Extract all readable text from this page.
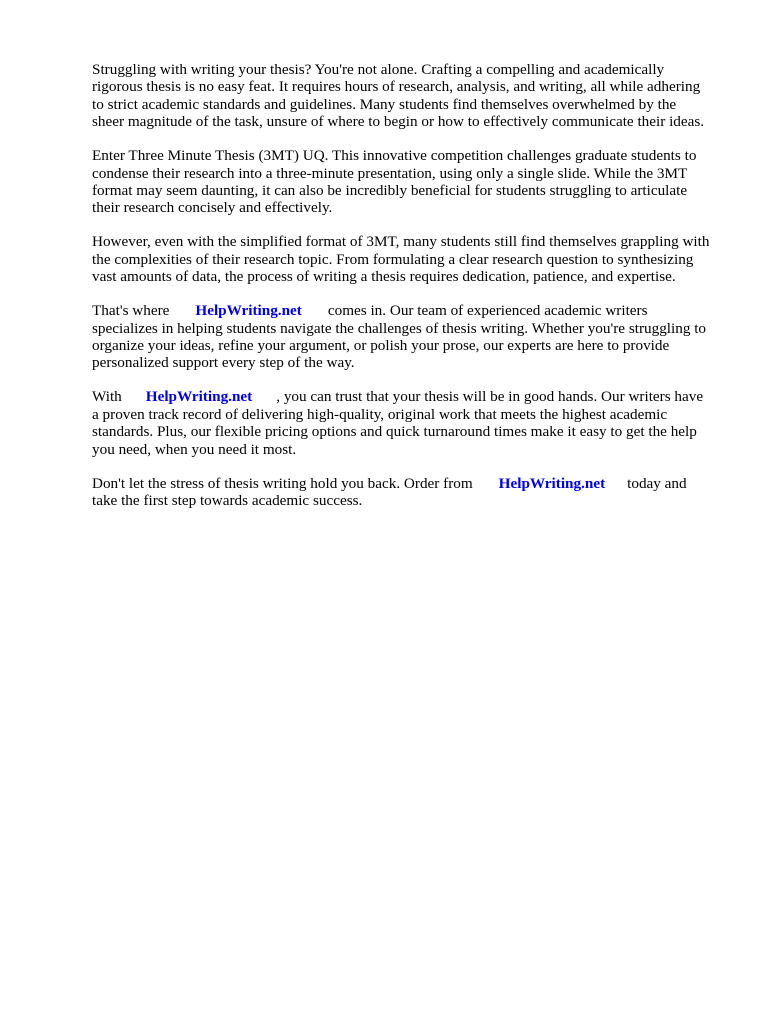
Struggling with writing your thesis? You're not alone. Crafting a compelling and academically
rigorous thesis is no easy feat. It requires hours of research, analysis, and writing, all while adhering
to strict academic standards and guidelines. Many students find themselves overwhelmed by the
sheer magnitude of the task, unsure of where to begin or how to effectively communicate their ideas.

Enter Three Minute Thesis (3MT) UQ. This innovative competition challenges graduate students to
condense their research into a three-minute presentation, using only a single slide. While the 3MT
format may seem daunting, it can also be incredibly beneficial for students struggling to articulate
their research concisely and effectively.

However, even with the simplified format of 3MT, many students still find themselves grappling with
the complexities of their research topic. From formulating a clear research question to synthesizing
vast amounts of data, the process of writing a thesis requires dedication, patience, and expertise.

That's where HelpWriting.net comes in. Our team of experienced academic writers
specializes in helping students navigate the challenges of thesis writing. Whether you're struggling to
organize your ideas, refine your argument, or polish your prose, our experts are here to provide
personalized support every step of the way.

With HelpWriting.net , you can trust that your thesis will be in good hands. Our writers have
a proven track record of delivering high-quality, original work that meets the highest academic
standards. Plus, our flexible pricing options and quick turnaround times make it easy to get the help
you need, when you need it most.

Don't let the stress of thesis writing hold you back. Order from HelpWriting.net today and
take the first step towards academic success.
